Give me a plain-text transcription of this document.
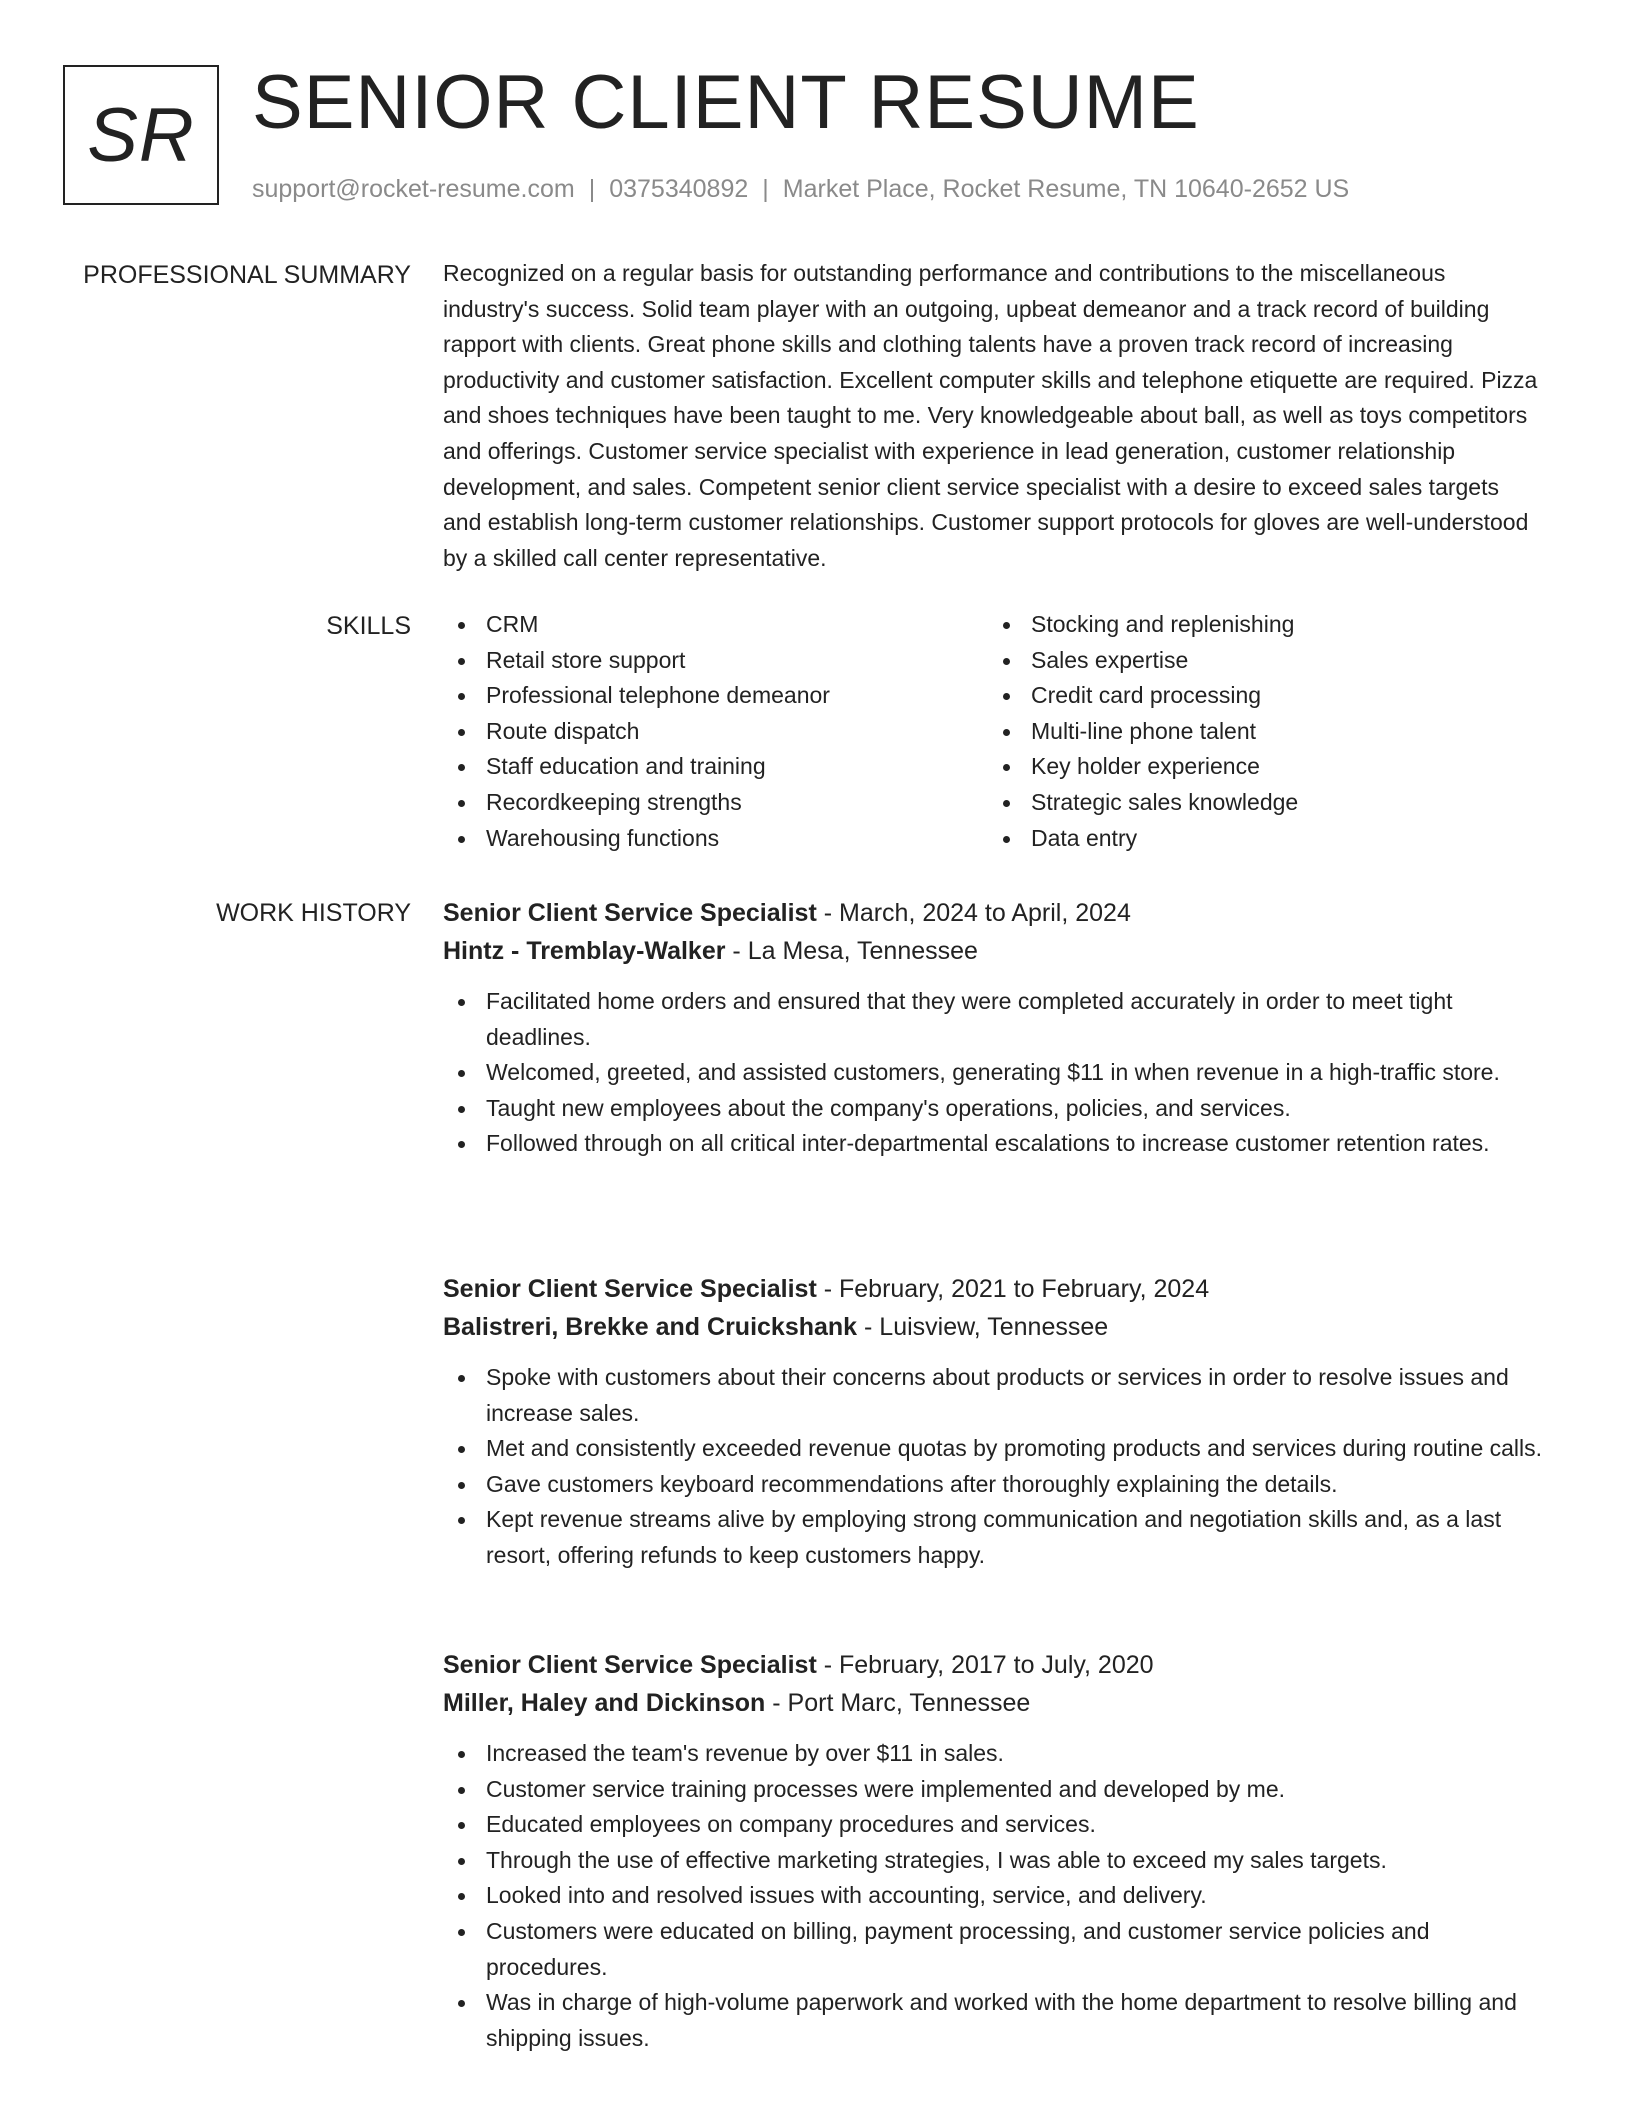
SR SENIOR CLIENT RESUME
support@rocket-resume.com | 0375340892 | Market Place, Rocket Resume, TN 10640-2652 US
PROFESSIONAL SUMMARY Recognized on a regular basis for outstanding performance and contributions to the miscellaneous industry's success. Solid team player with an outgoing, upbeat demeanor and a track record of building rapport with clients. Great phone skills and clothing talents have a proven track record of increasing productivity and customer satisfaction. Excellent computer skills and telephone etiquette are required. Pizza and shoes techniques have been taught to me. Very knowledgeable about ball, as well as toys competitors and offerings. Customer service specialist with experience in lead generation, customer relationship development, and sales. Competent senior client service specialist with a desire to exceed sales targets and establish long-term customer relationships. Customer support protocols for gloves are well-understood by a skilled call center representative.

SKILLS	CRM
Retail store support
Professional telephone demeanor
Route dispatch
Staff education and training
Recordkeeping strengths
Warehousing functions
Stocking and replenishing
Sales expertise
Credit card processing
Multi-line phone talent
Key holder experience
Strategic sales knowledge
Data entry
WORK HISTORY Senior Client Service Specialist - March, 2024 to April, 2024
Hintz - Tremblay-Walker - La Mesa, Tennessee
Facilitated home orders and ensured that they were completed accurately in order to meet tight deadlines.
Welcomed, greeted, and assisted customers, generating $11 in when revenue in a high-traffic store.
Taught new employees about the company's operations, policies, and services.
Followed through on all critical inter-departmental escalations to increase customer retention rates.
Senior Client Service Specialist - February, 2021 to February, 2024
Balistreri, Brekke and Cruickshank - Luisview, Tennessee
Spoke with customers about their concerns about products or services in order to resolve issues and increase sales.
Met and consistently exceeded revenue quotas by promoting products and services during routine calls.
Gave customers keyboard recommendations after thoroughly explaining the details.
Kept revenue streams alive by employing strong communication and negotiation skills and, as a last resort, offering refunds to keep customers happy.
Senior Client Service Specialist - February, 2017 to July, 2020
Miller, Haley and Dickinson - Port Marc, Tennessee
Increased the team's revenue by over $11 in sales.
Customer service training processes were implemented and developed by me.
Educated employees on company procedures and services.
Through the use of effective marketing strategies, I was able to exceed my sales targets.
Looked into and resolved issues with accounting, service, and delivery.
Customers were educated on billing, payment processing, and customer service policies and procedures.
Was in charge of high-volume paperwork and worked with the home department to resolve billing and shipping issues.
